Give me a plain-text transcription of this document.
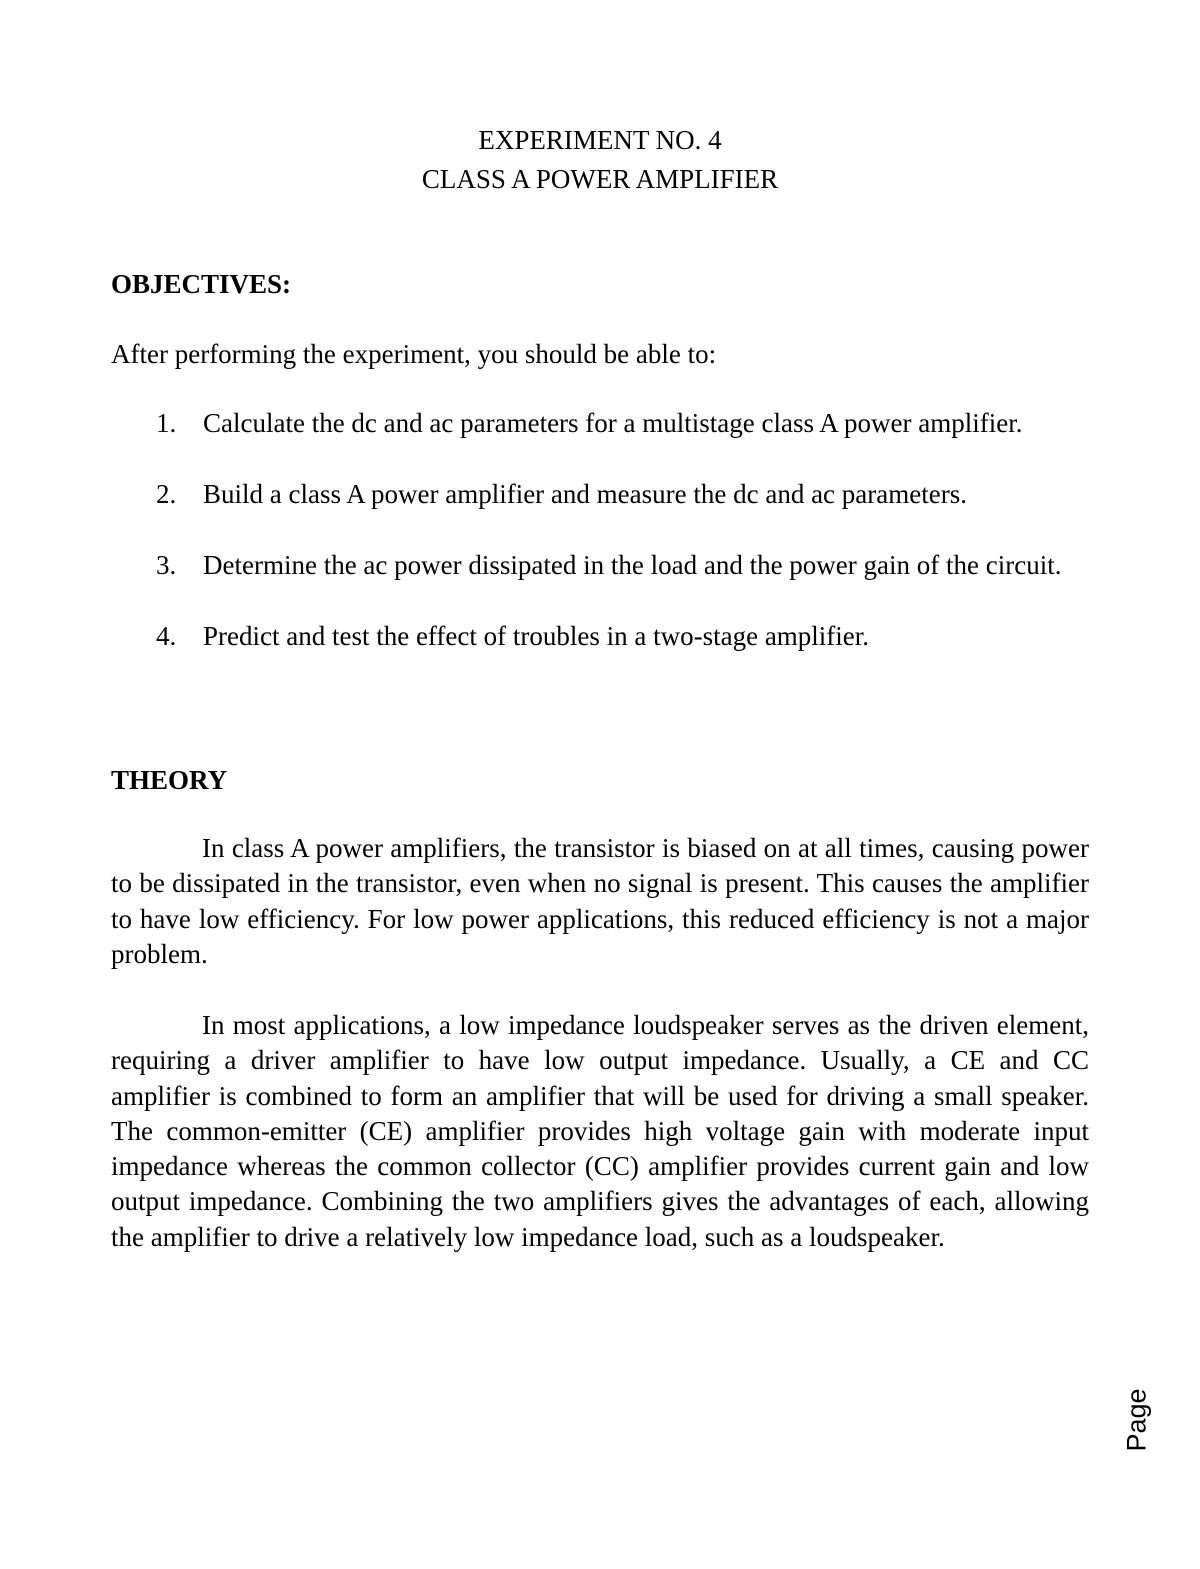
EXPERIMENT NO. 4
CLASS A POWER AMPLIFIER
OBJECTIVES:
After performing the experiment, you should be able to:
1. Calculate the dc and ac parameters for a multistage class A power amplifier.
2. Build a class A power amplifier and measure the dc and ac parameters.
3. Determine the ac power dissipated in the load and the power gain of the circuit.
4. Predict and test the effect of troubles in a two-stage amplifier.
THEORY

In class A power amplifiers, the transistor is biased on at all times, causing power to be dissipated in the transistor, even when no signal is present. This causes the amplifier to have low efficiency. For low power applications, this reduced efficiency is not a major problem.

In most applications, a low impedance loudspeaker serves as the driven element, requiring a driver amplifier to have low output impedance. Usually, a CE and CC amplifier is combined to form an amplifier that will be used for driving a small speaker. The common-emitter (CE) amplifier provides high voltage gain with moderate input impedance whereas the common collector (CC) amplifier provides current gain and low output impedance. Combining the two amplifiers gives the advantages of each, allowing the amplifier to drive a relatively low impedance load, such as a loudspeaker.

Page
